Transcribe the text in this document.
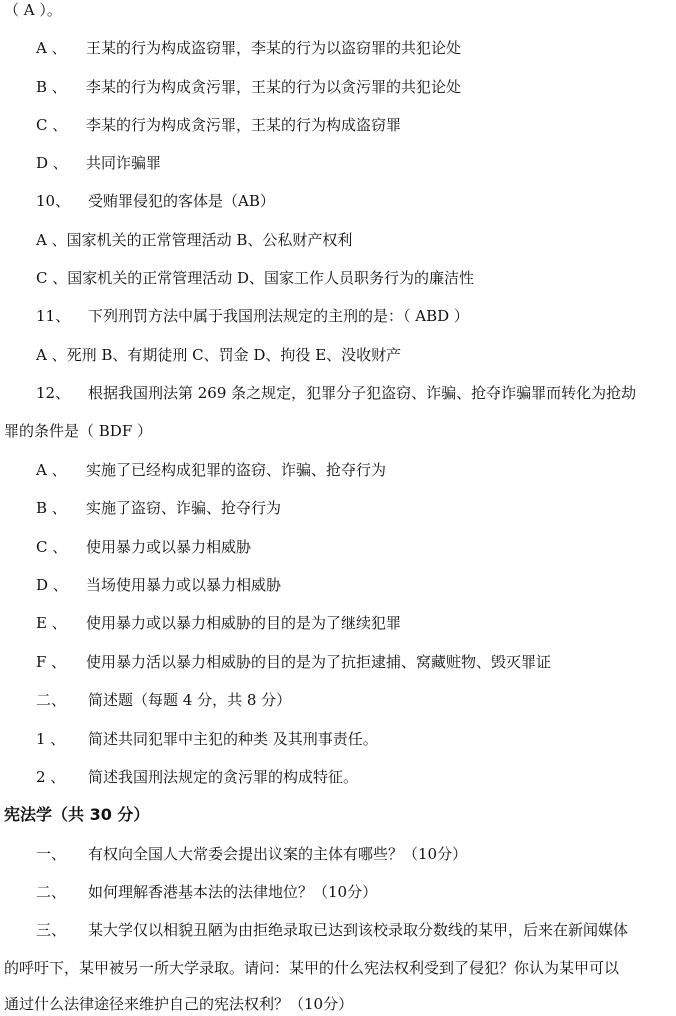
（ A ）。
A 、 王某的行为构成盗窃罪，李某的行为以盗窃罪的共犯论处
B 、 李某的行为构成贪污罪，王某的行为以贪污罪的共犯论处
C 、 李某的行为构成贪污罪，王某的行为构成盗窃罪
D 、 共同诈骗罪
10、 受贿罪侵犯的客体是（AB）
A 、国家机关的正常管理活动 B、公私财产权利
C 、国家机关的正常管理活动 D、国家工作人员职务行为的廉洁性
11、 下列刑罚方法中属于我国刑法规定的主刑的是：（ ABD ）
A 、死刑 B、有期徒刑 C、罚金 D、拘役 E、没收财产
12、 根据我国刑法第 269 条之规定，犯罪分子犯盗窃、诈骗、抢夺诈骗罪而转化为抢劫
罪的条件是（ BDF ）
A 、 实施了已经构成犯罪的盗窃、诈骗、抢夺行为
B 、 实施了盗窃、诈骗、抢夺行为
C 、 使用暴力或以暴力相威胁
D 、 当场使用暴力或以暴力相威胁
E 、 使用暴力或以暴力相威胁的目的是为了继续犯罪
F 、 使用暴力活以暴力相威胁的目的是为了抗拒逮捕、窝藏赃物、毁灭罪证
二、 简述题（每题 4 分，共 8 分）
1 、 简述共同犯罪中主犯的种类 及其刑事责任。
2 、 简述我国刑法规定的贪污罪的构成特征。
宪法学（共 30 分）
一、 有权向全国人大常委会提出议案的主体有哪些？（10分）
二、 如何理解香港基本法的法律地位？（10分）
三、 某大学仅以相貌丑陋为由拒绝录取已达到该校录取分数线的某甲，后来在新闻媒体
的呼吁下，某甲被另一所大学录取。请问：某甲的什么宪法权利受到了侵犯？你认为某甲可以
通过什么法律途径来维护自己的宪法权利？（10分）
